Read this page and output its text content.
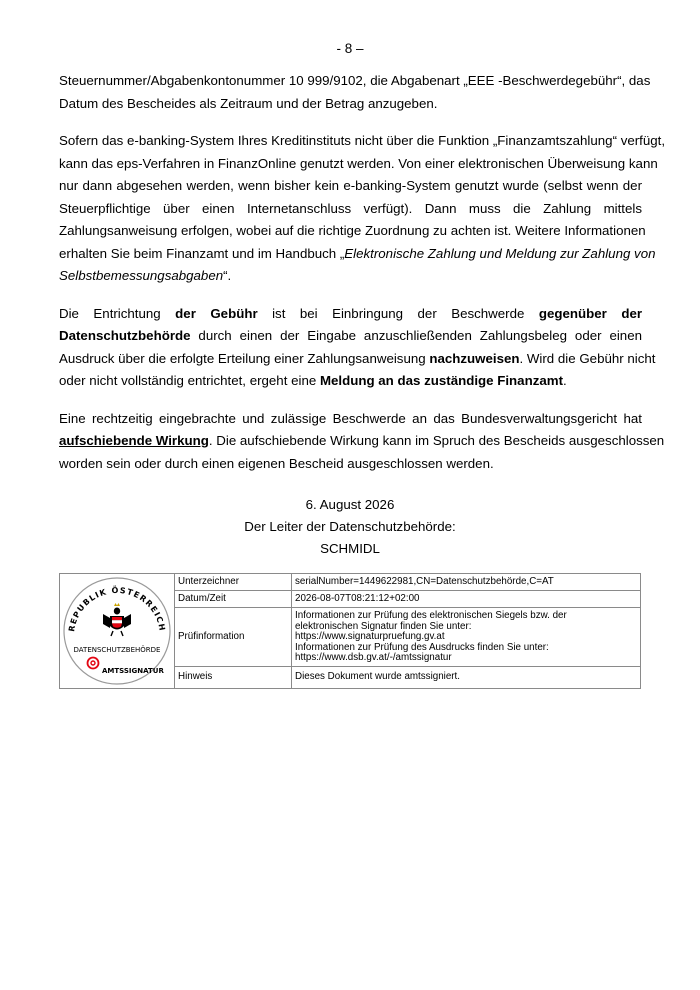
- 8 –

Steuernummer/Abgabenkontonummer 10 999/9102, die Abgabenart „EEE -Beschwerdegebühr“, das
Datum des Bescheides als Zeitraum und der Betrag anzugeben.

Sofern das e-banking-System Ihres Kreditinstituts nicht über die Funktion „Finanzamtszahlung“ verfügt,
kann das eps-Verfahren in FinanzOnline genutzt werden. Von einer elektronischen Überweisung kann
nur dann abgesehen werden, wenn bisher kein e-banking-System genutzt wurde (selbst wenn der
Steuerpflichtige über einen Internetanschluss verfügt). Dann muss die Zahlung mittels
Zahlungsanweisung erfolgen, wobei auf die richtige Zuordnung zu achten ist. Weitere Informationen
erhalten Sie beim Finanzamt und im Handbuch „Elektronische Zahlung und Meldung zur Zahlung von
Selbstbemessungsabgaben“.

Die Entrichtung der Gebühr ist bei Einbringung der Beschwerde gegenüber der
Datenschutzbehörde durch einen der Eingabe anzuschließenden Zahlungsbeleg oder einen
Ausdruck über die erfolgte Erteilung einer Zahlungsanweisung nachzuweisen. Wird die Gebühr nicht
oder nicht vollständig entrichtet, ergeht eine Meldung an das zuständige Finanzamt.

Eine rechtzeitig eingebrachte und zulässige Beschwerde an das Bundesverwaltungsgericht hat
aufschiebende Wirkung. Die aufschiebende Wirkung kann im Spruch des Bescheids ausgeschlossen
worden sein oder durch einen eigenen Bescheid ausgeschlossen werden.

6. August 2026
Der Leiter der Datenschutzbehörde:
SCHMIDL
REPUBLIK ÖSTERREICH
DATENSCHUTZBEHÖRDE
AMTSSIGNATUR
Unterzeichner	serialNumber=1449622981,CN=Datenschutzbehörde,C=AT
Datum/Zeit	2026-08-07T08:21:12+02:00
Prüfinformation
Informationen zur Prüfung des elektronischen Siegels bzw. der
elektronischen Signatur finden Sie unter:
https://www.signaturpruefung.gv.at
Informationen zur Prüfung des Ausdrucks finden Sie unter:
https://www.dsb.gv.at/-/amtssignatur
Hinweis	Dieses Dokument wurde amtssigniert.
